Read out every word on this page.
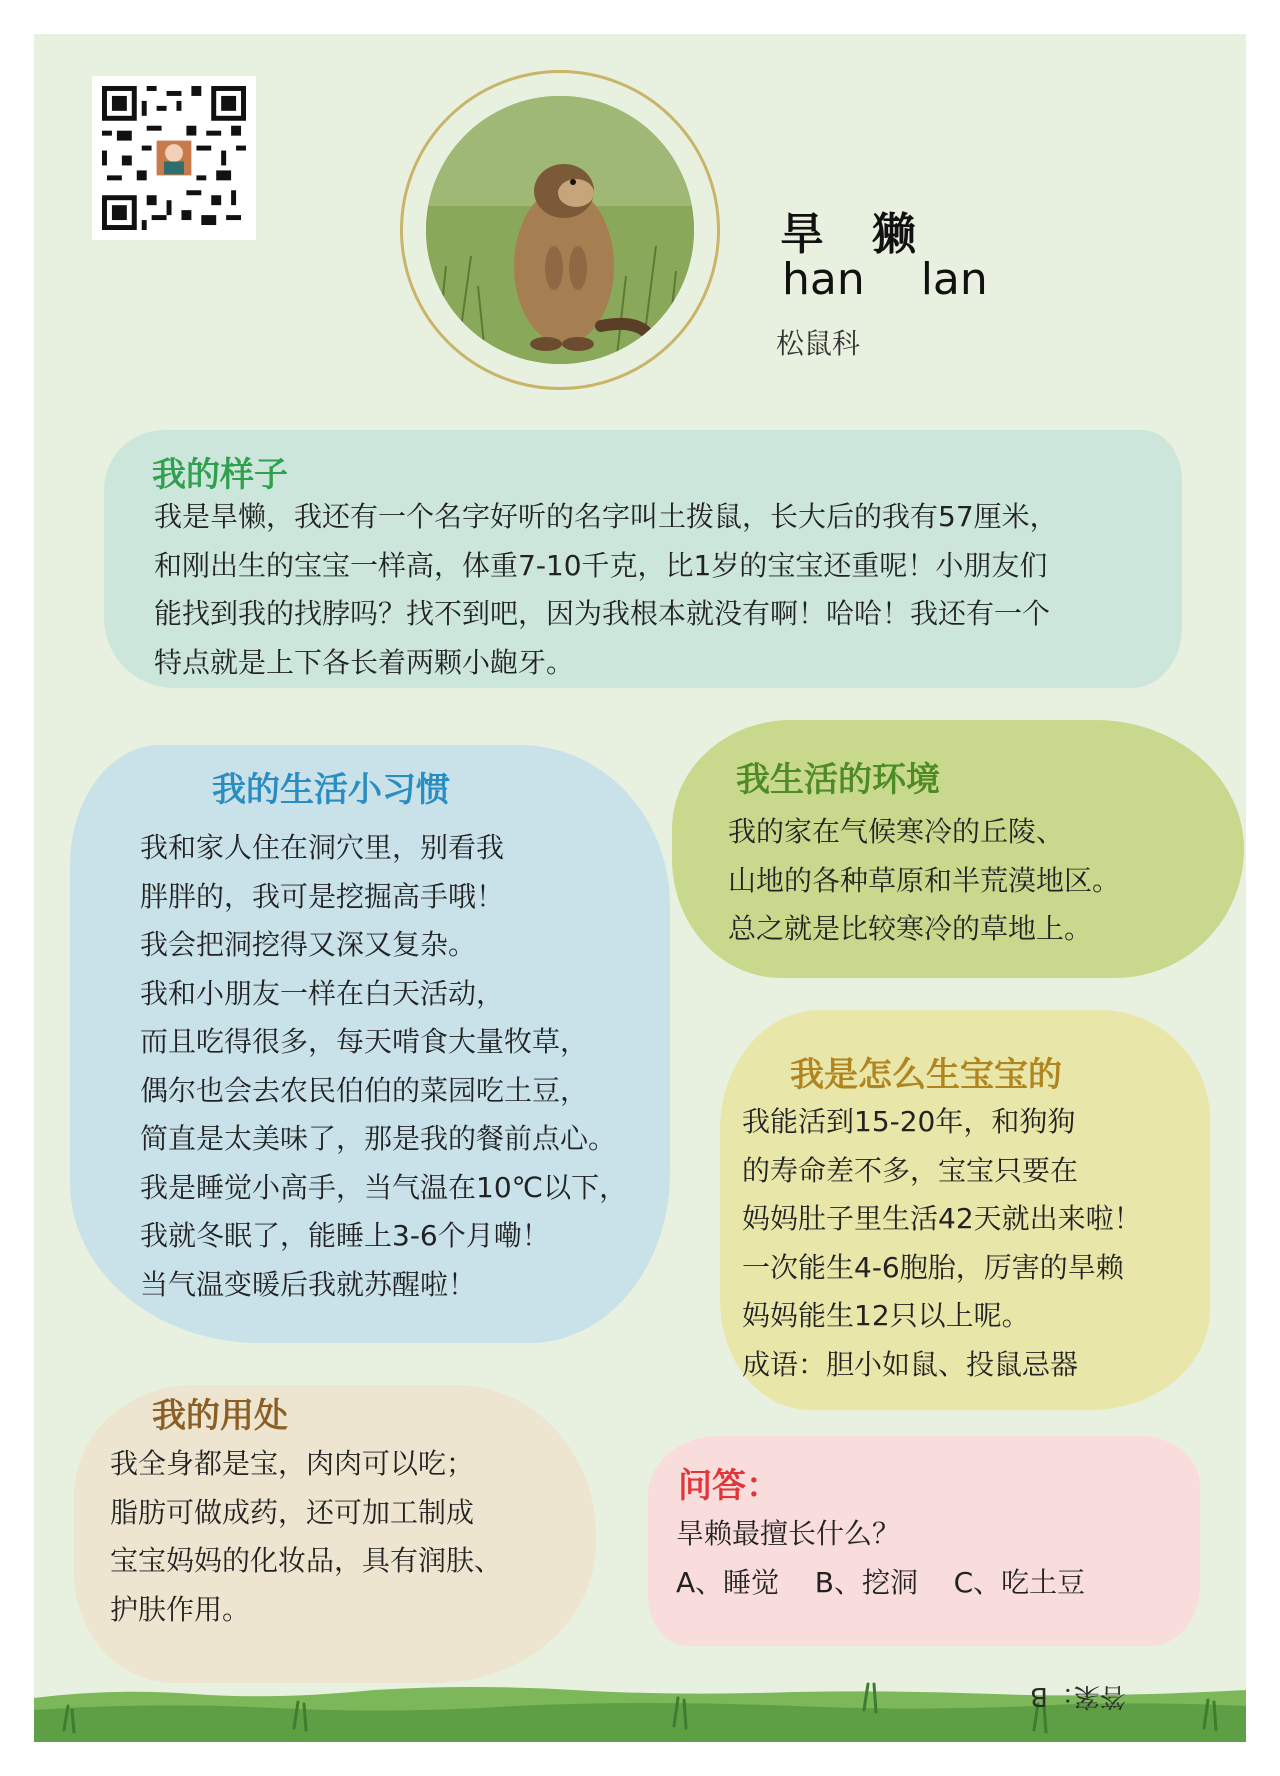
旱獭
han  lan
松鼠科
我的样子
我是旱懒，我还有一个名字好听的名字叫土拨鼠，长大后的我有57厘米，
和刚出生的宝宝一样高，体重7-10千克，比1岁的宝宝还重呢！小朋友们
能找到我的找脖吗？找不到吧，因为我根本就没有啊！哈哈！我还有一个
特点就是上下各长着两颗小龅牙。
我的生活小习惯
我和家人住在洞穴里，别看我
胖胖的，我可是挖掘高手哦！
我会把洞挖得又深又复杂。
我和小朋友一样在白天活动，
而且吃得很多，每天啃食大量牧草，
偶尔也会去农民伯伯的菜园吃土豆，
简直是太美味了，那是我的餐前点心。
我是睡觉小高手，当气温在10℃以下，
我就冬眠了，能睡上3-6个月嘞！
当气温变暖后我就苏醒啦！
我生活的环境
我的家在气候寒冷的丘陵、
山地的各种草原和半荒漠地区。
总之就是比较寒冷的草地上。
我是怎么生宝宝的
我能活到15-20年，和狗狗
的寿命差不多，宝宝只要在
妈妈肚子里生活42天就出来啦！
一次能生4-6胞胎，厉害的旱赖
妈妈能生12只以上呢。
成语：胆小如鼠、投鼠忌器
我的用处
我全身都是宝，肉肉可以吃；
脂肪可做成药，还可加工制成
宝宝妈妈的化妆品，具有润肤、
护肤作用。
问答：
旱赖最擅长什么？
A、睡觉    B、挖洞    C、吃土豆
答案：B
